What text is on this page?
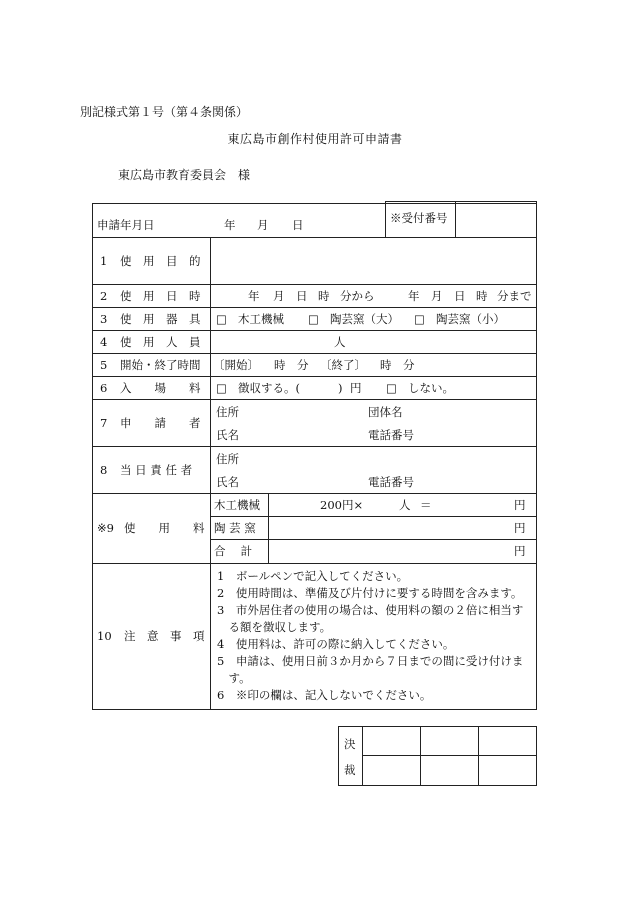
別記様式第１号（第４条関係）
東広島市創作村使用許可申請書
東広島市教育委員会　様
申請年月日	年 月 日	※受付番号
1 使　用　目　的
2 使　用　日　時	年 月 日 時 分から	年 月 日 時 分まで
3 使　用　器　具 □ 木工機械 □ 陶芸窯（大） □ 陶芸窯（小）
4 使　用　人　員	人
5 開始・終了時間 〔開始〕 時　分 〔終了〕 時　分
6 入　　場　　料 □ 徴収する。(	) 円 □ しない。
7 申　　請　　者
住所	団体名
氏名	電話番号
8 当 日 責 任 者
住所
氏名	電話番号
※9 使　　用　　料
木工機械	200円×	人 ＝	円
陶 芸 窯	円
合　 計	円
10 注　意　事　項
1　ボールペンで記入してください。
2　使用時間は、準備及び片付けに要する時間を含みます。
3　市外居住者の使用の場合は、使用料の額の２倍に相当す
　る額を徴収します。
4　使用料は、許可の際に納入してください。
5　申請は、使用日前３か月から７日までの間に受け付けま
　す。
6　※印の欄は、記入しないでください。
決
裁
